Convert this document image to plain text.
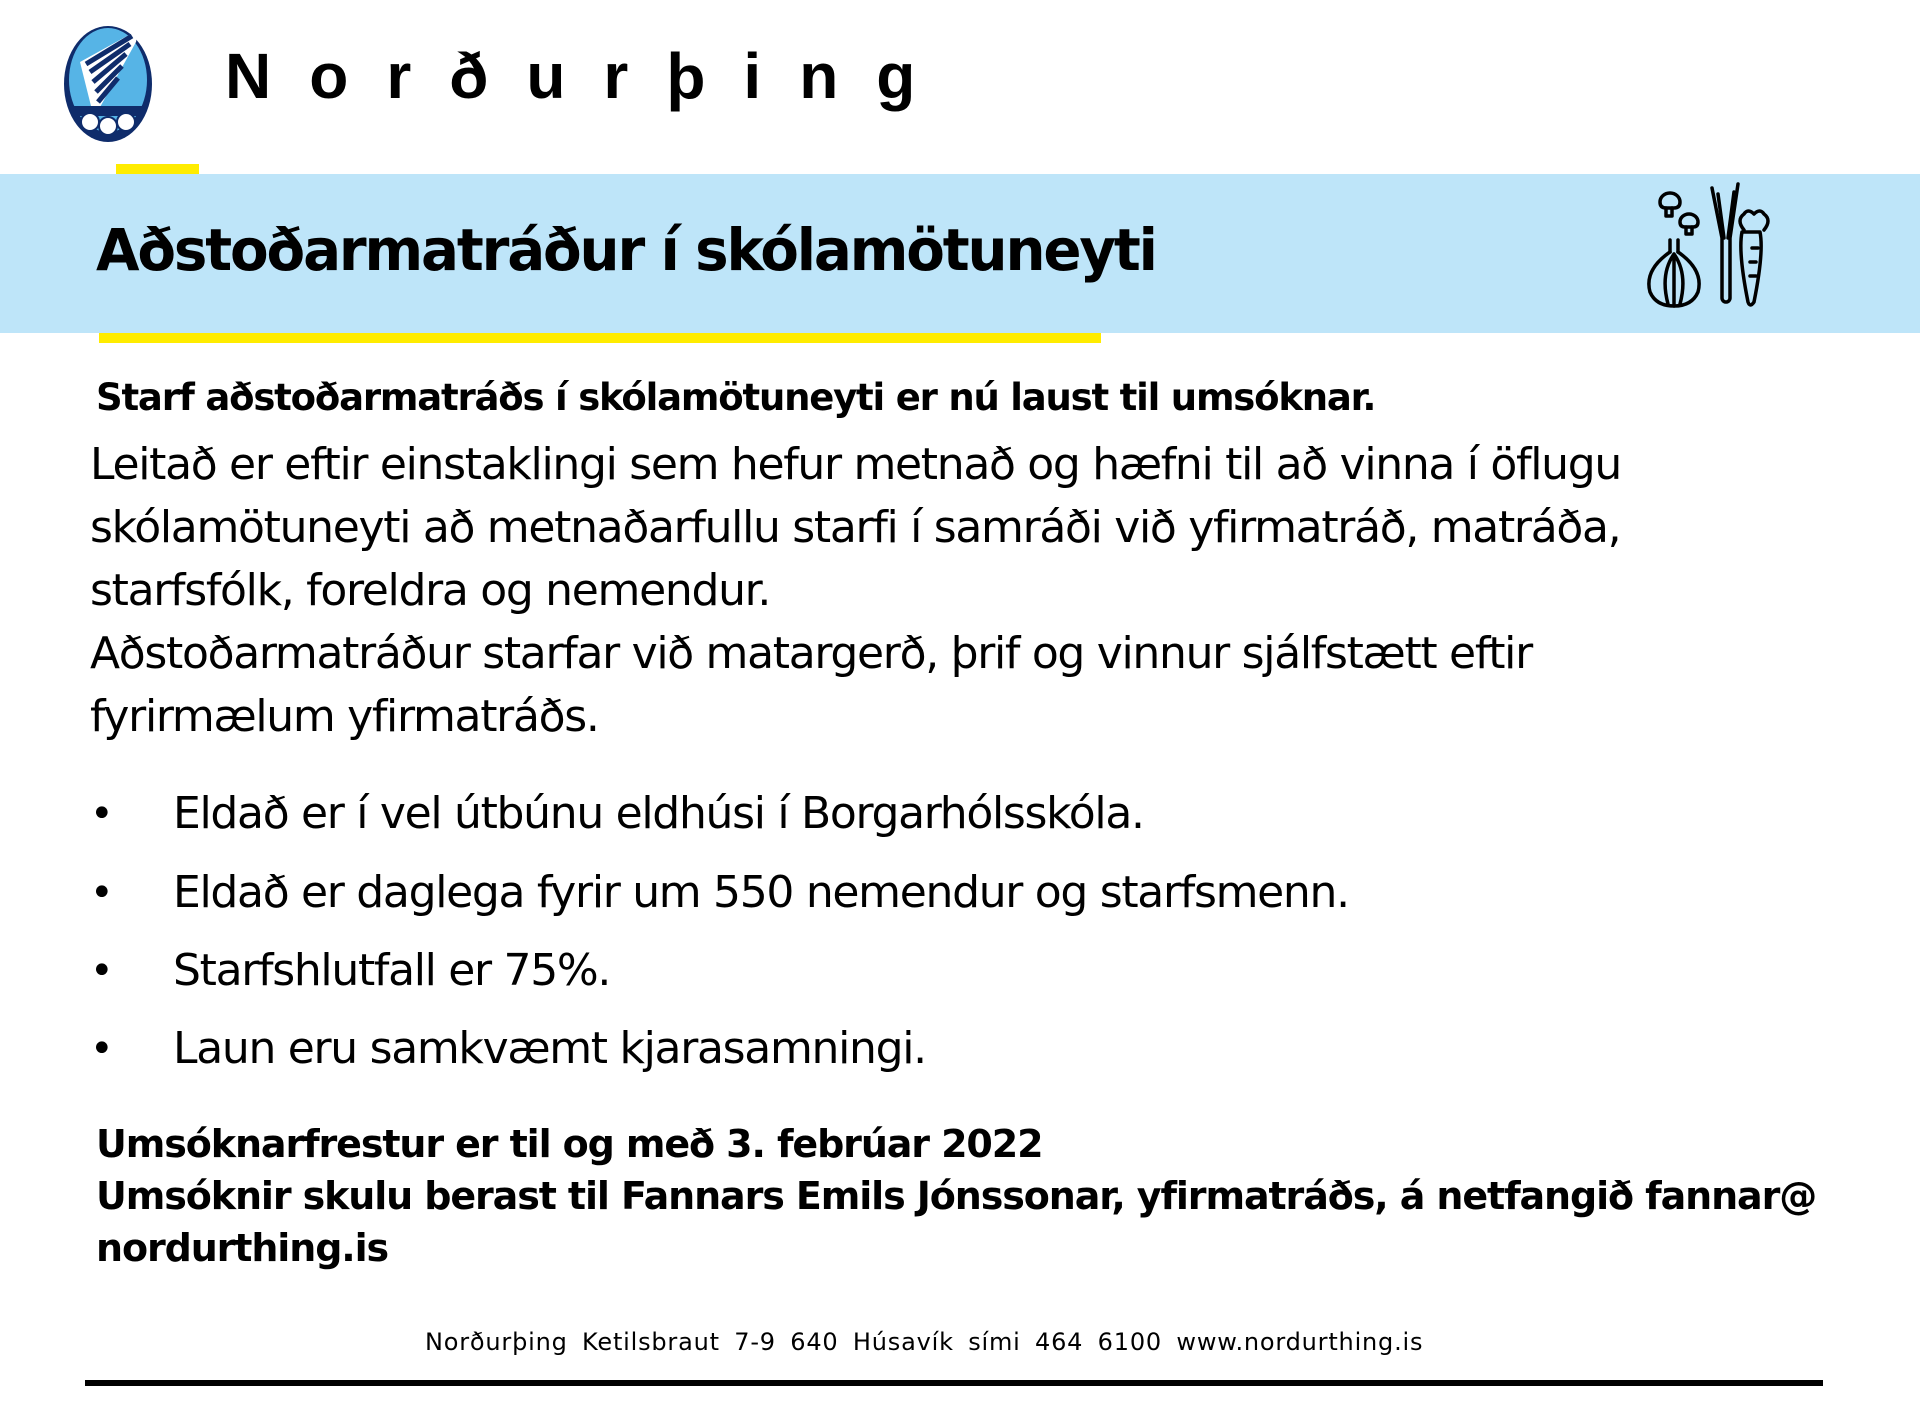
Norðurþing
Aðstoðarmatráður í skólamötuneyti
Starf aðstoðarmatráðs í skólamötuneyti er nú laust til umsóknar.
Leitað er eftir einstaklingi sem hefur metnað og hæfni til að vinna í öflugu
skólamötuneyti að metnaðarfullu starfi í samráði við yfirmatráð, matráða,
starfsfólk, foreldra og nemendur.
Aðstoðarmatráður starfar við matargerð, þrif og vinnur sjálfstætt eftir
fyrirmælum yfirmatráðs.
•	Eldað er í vel útbúnu eldhúsi í Borgarhólsskóla.
•	Eldað er daglega fyrir um 550 nemendur og starfsmenn.
•	Starfshlutfall er 75%.
•	Laun eru samkvæmt kjarasamningi.
Umsóknarfrestur er til og með 3. febrúar 2022
Umsóknir skulu berast til Fannars Emils Jónssonar, yfirmatráðs, á netfangið fannar@
nordurthing.is
Norðurþing Ketilsbraut 7-9 640 Húsavík sími 464 6100 www.nordurthing.is
